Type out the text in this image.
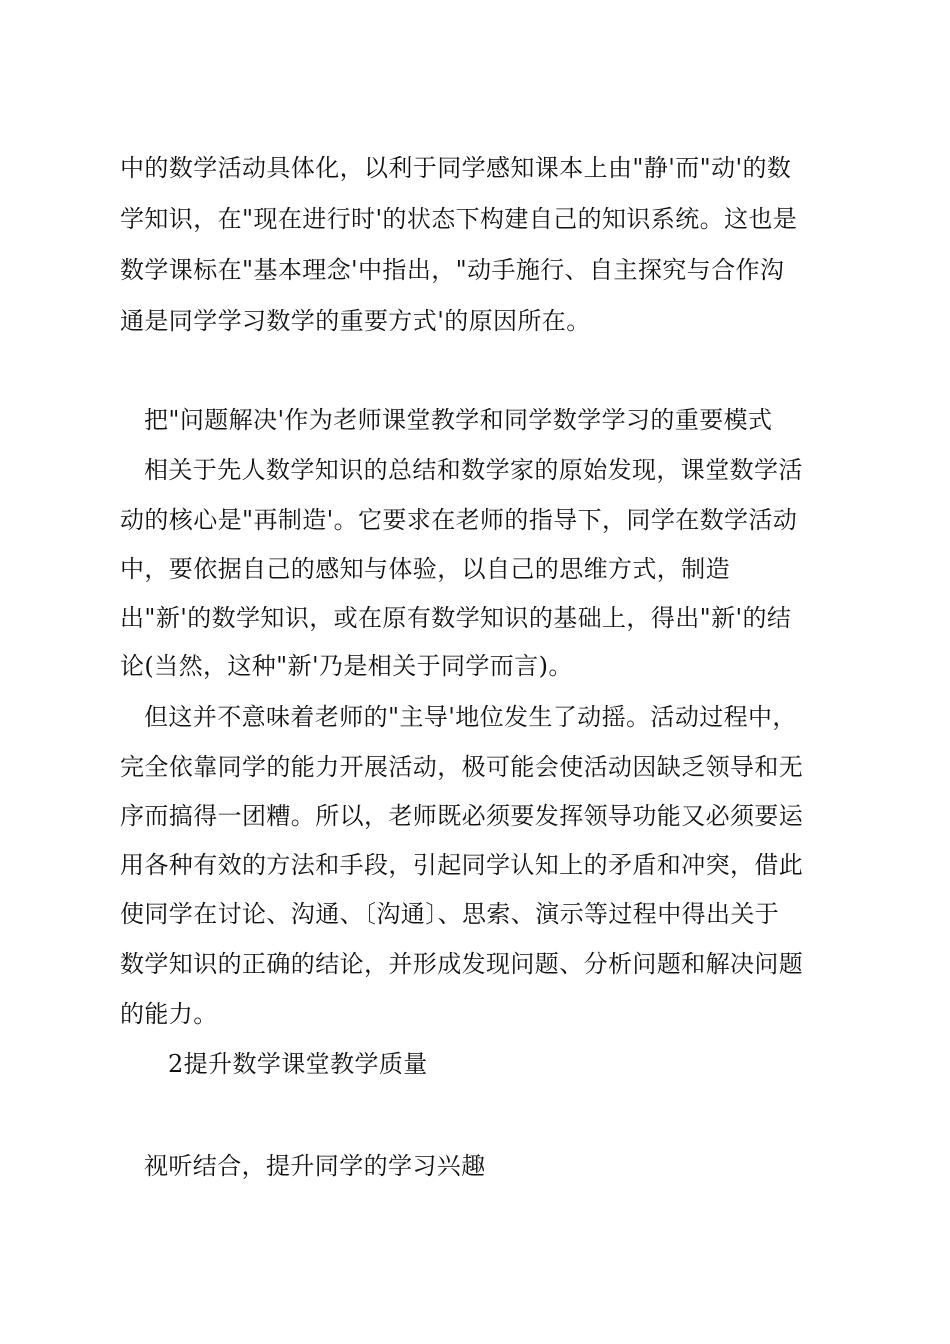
中的数学活动具体化，以利于同学感知课本上由"静'而"动'的数
学知识，在"现在进行时'的状态下构建自己的知识系统。这也是
数学课标在"基本理念'中指出，"动手施行、自主探究与合作沟
通是同学学习数学的重要方式'的原因所在。
把"问题解决'作为老师课堂教学和同学数学学习的重要模式
相关于先人数学知识的总结和数学家的原始发现，课堂数学活
动的核心是"再制造'。它要求在老师的指导下，同学在数学活动
中，要依据自己的感知与体验，以自己的思维方式，制造
出"新'的数学知识，或在原有数学知识的基础上，得出"新'的结
论(当然，这种"新'乃是相关于同学而言)。
但这并不意味着老师的"主导'地位发生了动摇。活动过程中，
完全依靠同学的能力开展活动，极可能会使活动因缺乏领导和无
序而搞得一团糟。所以，老师既必须要发挥领导功能又必须要运
用各种有效的方法和手段，引起同学认知上的矛盾和冲突，借此
使同学在讨论、沟通、〔沟通〕、思索、演示等过程中得出关于
数学知识的正确的结论，并形成发现问题、分析问题和解决问题
的能力。
2提升数学课堂教学质量
视听结合，提升同学的学习兴趣
